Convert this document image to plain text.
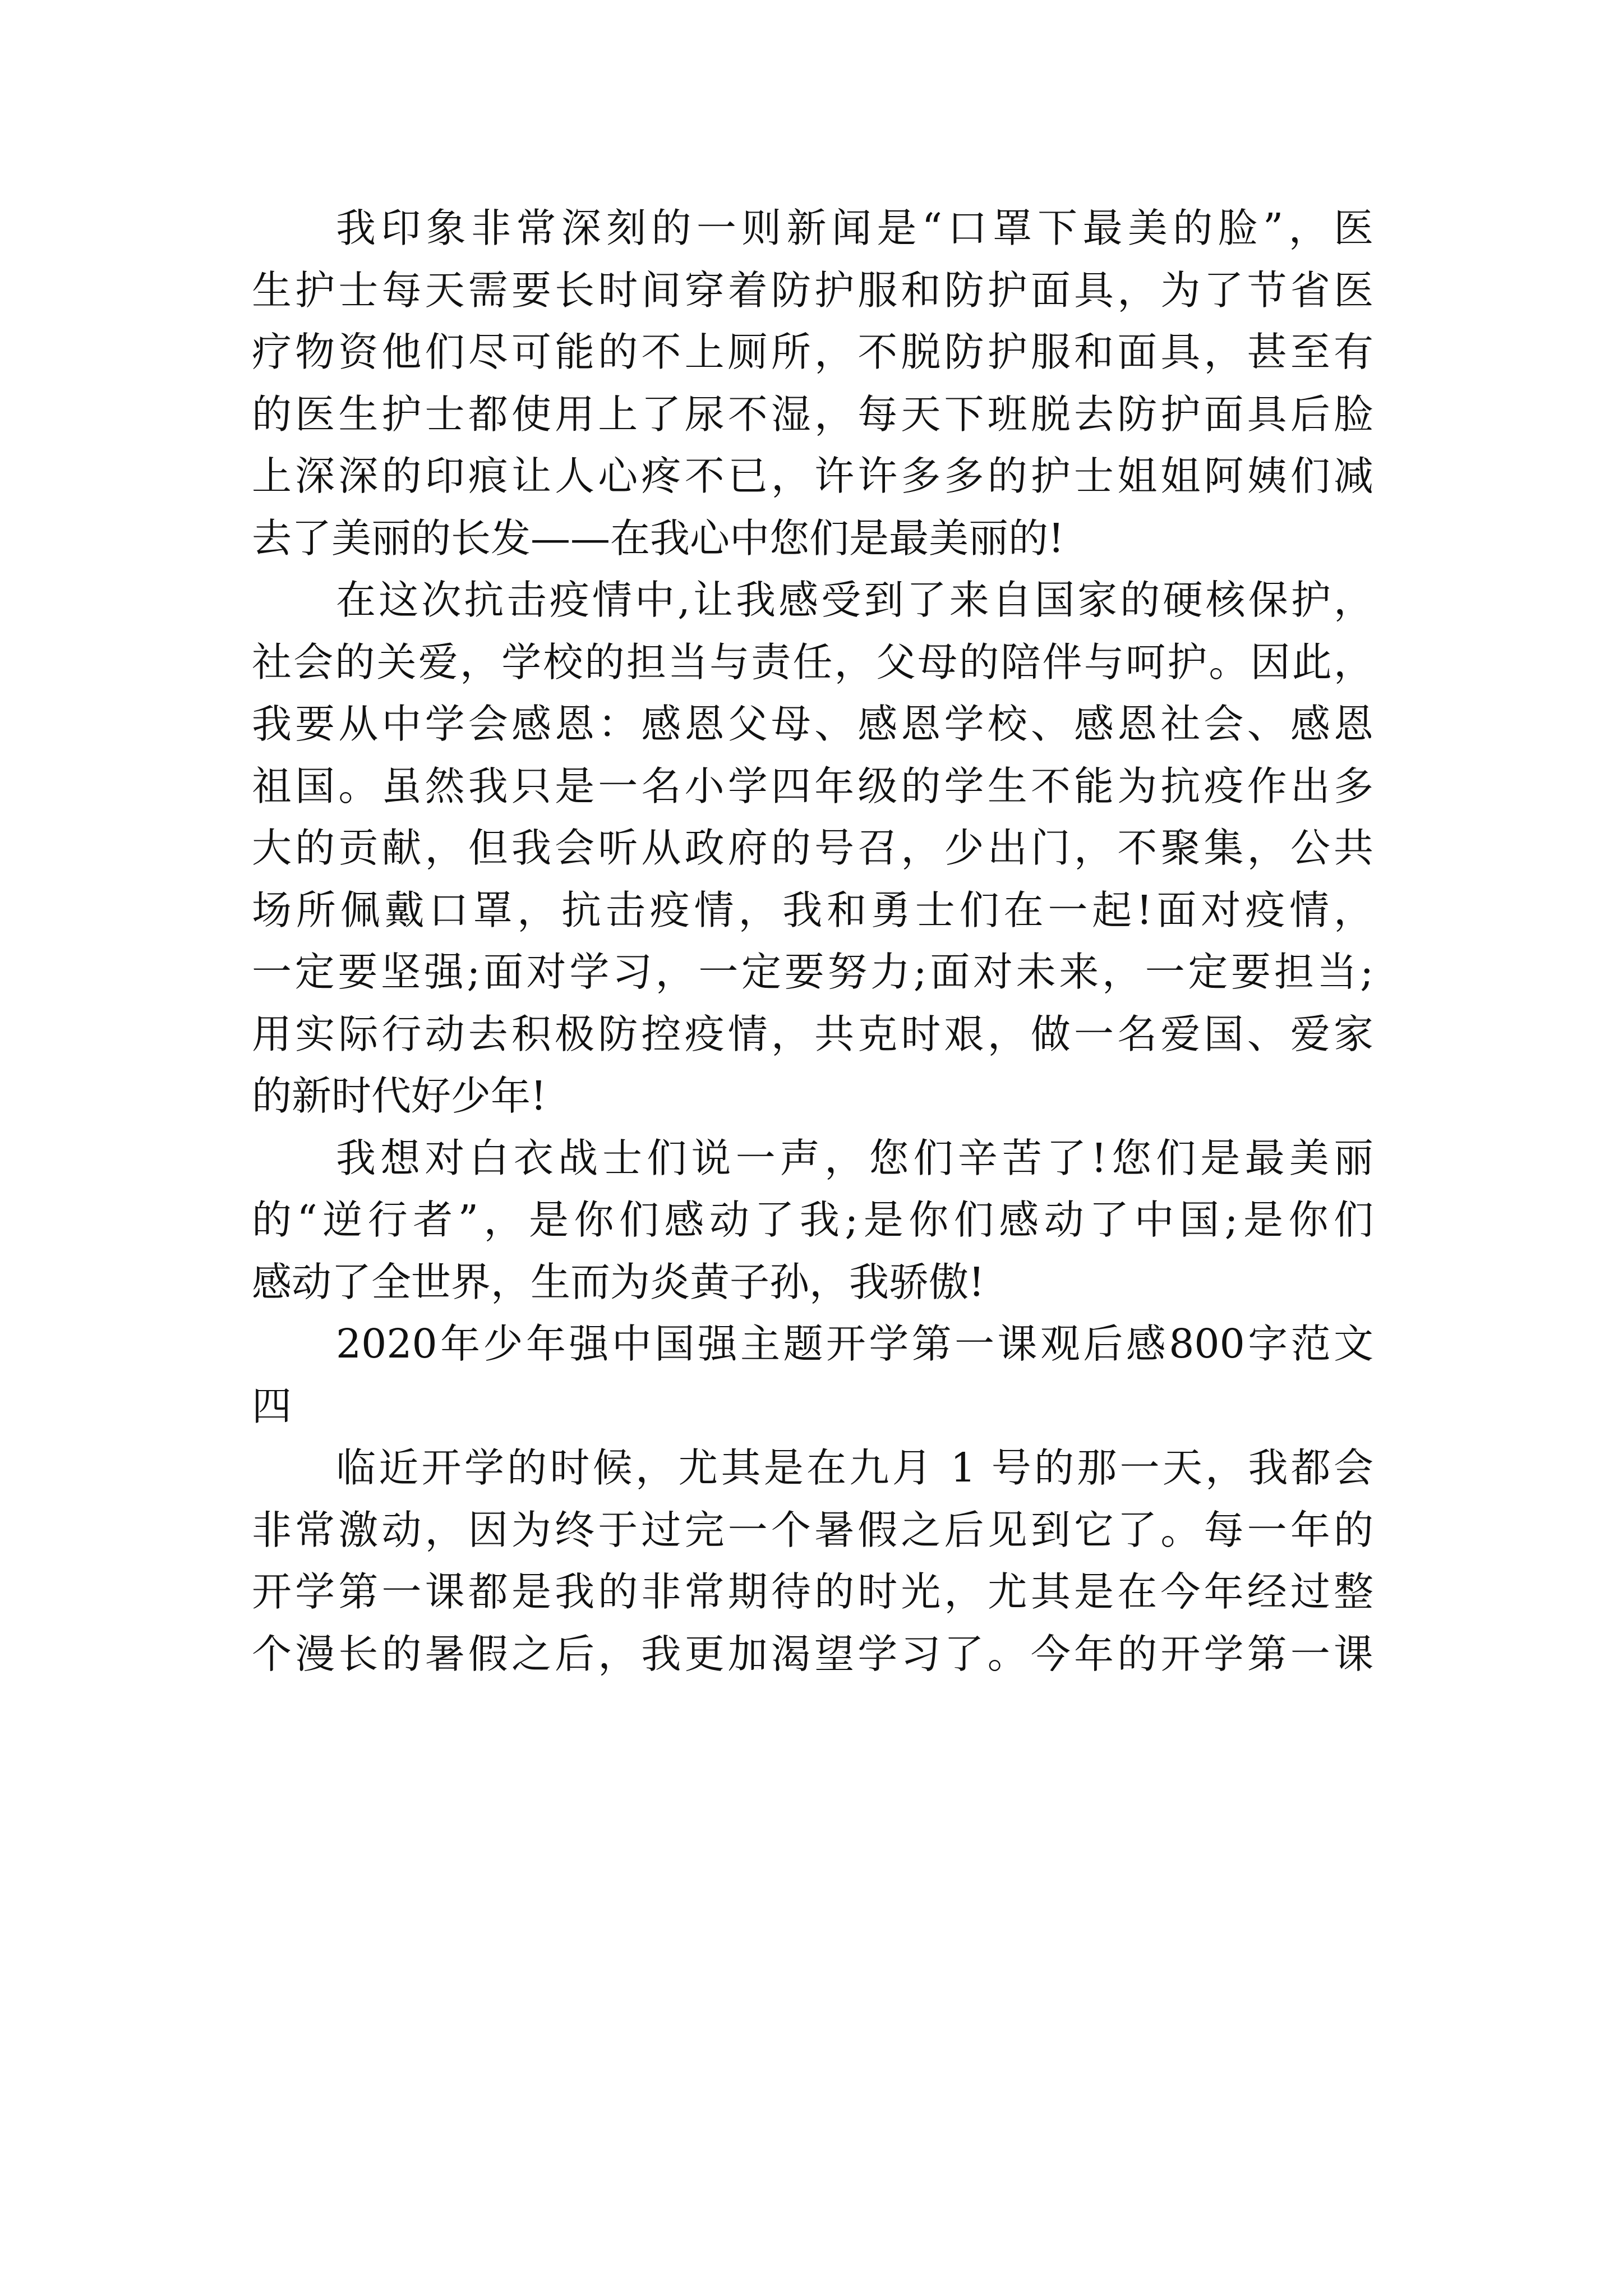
我印象非常深刻的一则新闻是“口罩下最美的脸”，医
生护士每天需要长时间穿着防护服和防护面具，为了节省医
疗物资他们尽可能的不上厕所，不脱防护服和面具，甚至有
的医生护士都使用上了尿不湿，每天下班脱去防护面具后脸
上深深的印痕让人心疼不已，许许多多的护士姐姐阿姨们减
去了美丽的长发——在我心中您们是最美丽的!
在这次抗击疫情中,让我感受到了来自国家的硬核保护，
社会的关爱，学校的担当与责任，父母的陪伴与呵护。因此，
我要从中学会感恩：感恩父母、感恩学校、感恩社会、感恩
祖国。虽然我只是一名小学四年级的学生不能为抗疫作出多
大的贡献，但我会听从政府的号召，少出门，不聚集，公共
场所佩戴口罩，抗击疫情，我和勇士们在一起!面对疫情，
一定要坚强;面对学习，一定要努力;面对未来，一定要担当;
用实际行动去积极防控疫情，共克时艰，做一名爱国、爱家
的新时代好少年!
我想对白衣战士们说一声，您们辛苦了!您们是最美丽
的“逆行者”，是你们感动了我;是你们感动了中国;是你们
感动了全世界，生而为炎黄子孙，我骄傲!
2020年少年强中国强主题开学第一课观后感800字范文
四
临近开学的时候，尤其是在九月 1 号的那一天，我都会
非常激动，因为终于过完一个暑假之后见到它了。每一年的
开学第一课都是我的非常期待的时光，尤其是在今年经过整
个漫长的暑假之后，我更加渴望学习了。今年的开学第一课
